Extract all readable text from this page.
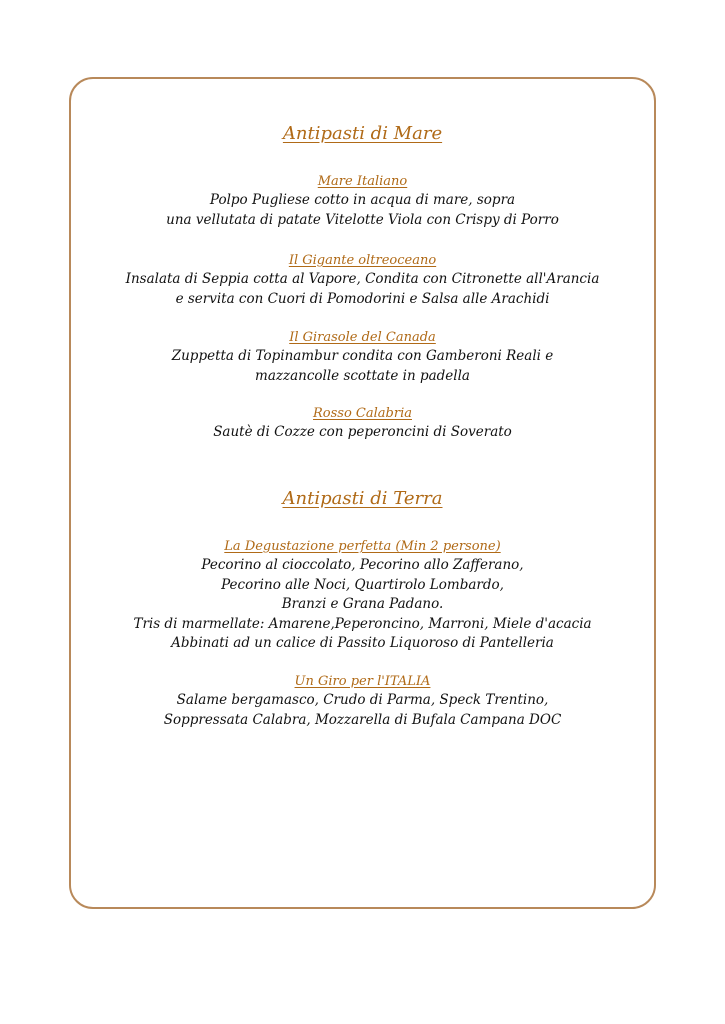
Antipasti di Mare

Mare Italiano

Polpo Pugliese cotto in acqua di mare, sopra

una vellutata di patate Vitelotte Viola con Crispy di Porro

Il Gigante oltreoceano

Insalata di Seppia cotta al Vapore, Condita con Citronette all'Arancia

e servita con Cuori di Pomodorini e Salsa alle Arachidi

Il Girasole del Canada

Zuppetta di Topinambur condita con Gamberoni Reali e

mazzancolle scottate in padella

Rosso Calabria

Sautè di Cozze con peperoncini di Soverato

Antipasti di Terra

La Degustazione perfetta (Min 2 persone)

Pecorino al cioccolato, Pecorino allo Zafferano,

Pecorino alle Noci, Quartirolo Lombardo,

Branzi e Grana Padano.

Tris di marmellate: Amarene,Peperoncino, Marroni, Miele d'acacia

Abbinati ad un calice di Passito Liquoroso di Pantelleria

Un Giro per l'ITALIA

Salame bergamasco, Crudo di Parma, Speck Trentino,

Soppressata Calabra, Mozzarella di Bufala Campana DOC
